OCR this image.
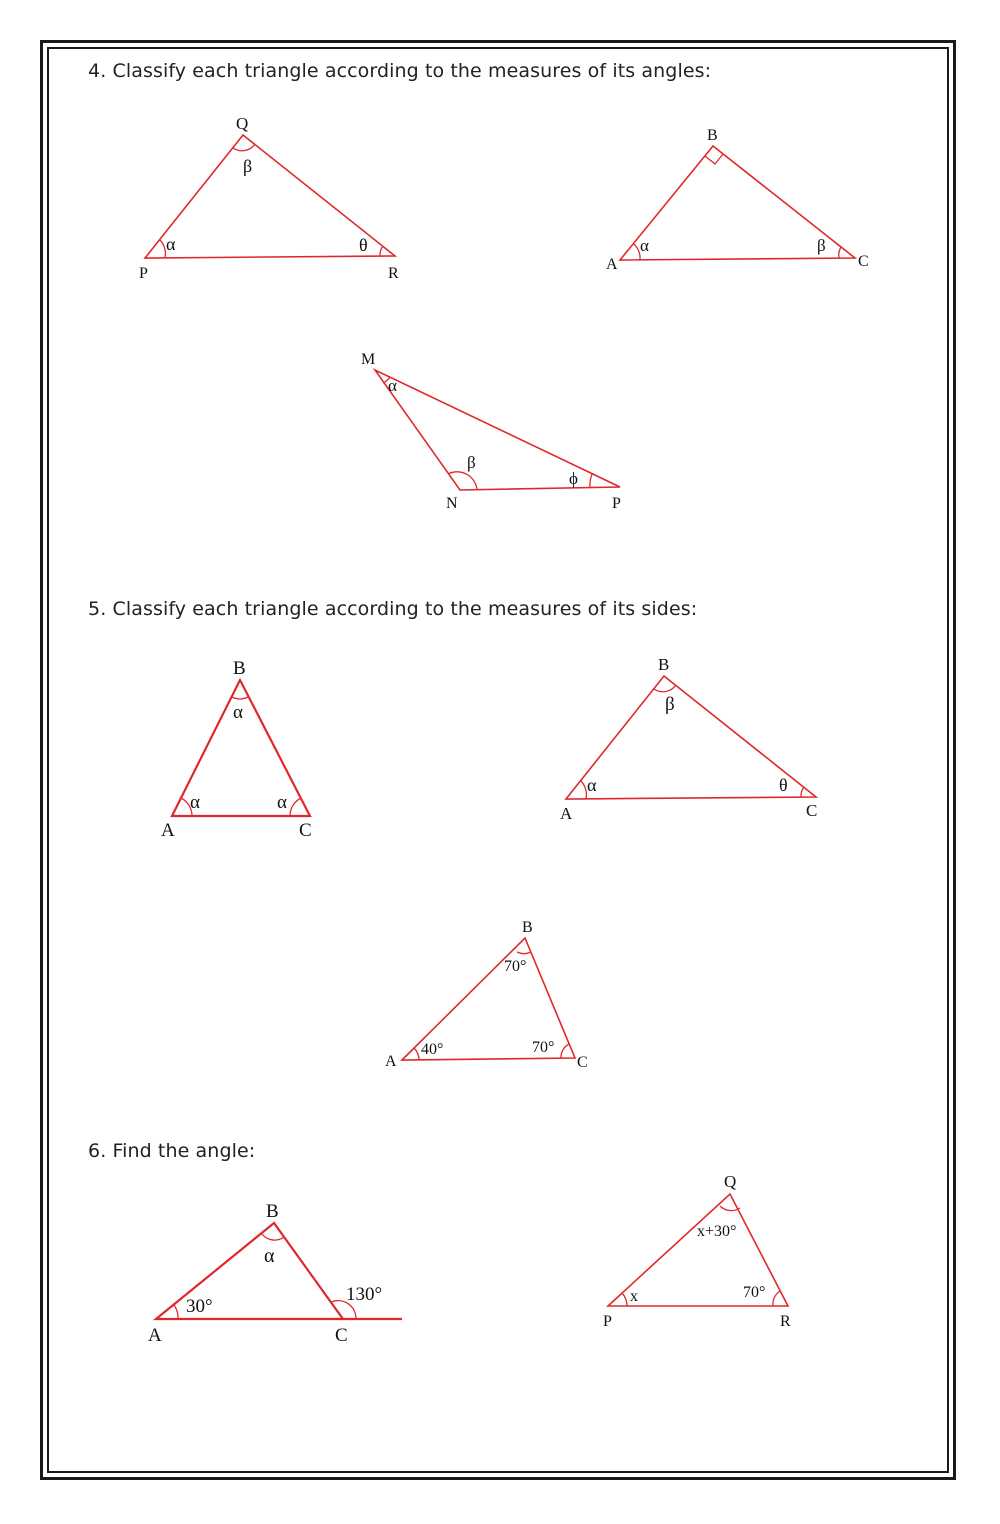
4. Classify each triangle according to the measures of its angles:
5. Classify each triangle according to the measures of its sides:
6. Find the angle:
Q
P	R
β
α	θ
B
A	C
α	β
M
N	P
α
β
ϕ
B
A	C
α
α	α
B
A	C
β
α	θ
B
A	C
70°
40°	70°
B
A	C
α
30°
130°
Q
P	R
x+30°
x	70°
